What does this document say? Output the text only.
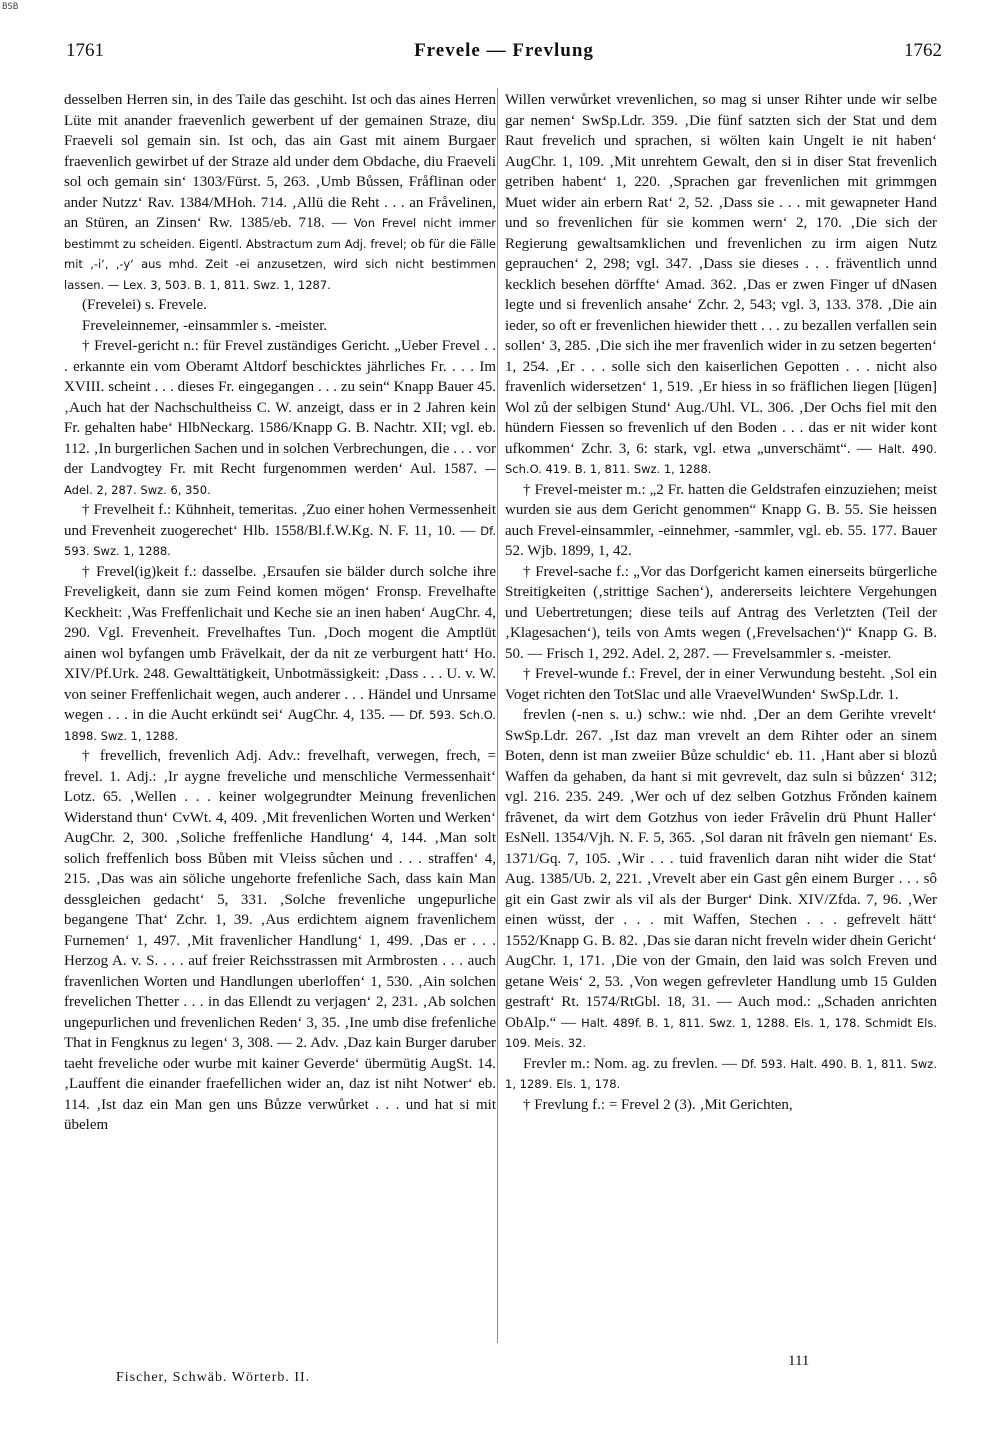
BSB
1761	Frevele — Frevlung	1762

desselben Herren sin, in des Taile das geschiht. Ist och das aines Herren Lüte mit anander fraevenlich gewerbent uf der gemainen Straze, diu Fraeveli sol gemain sin. Ist och, das ain Gast mit ainem Burgaer fraevenlich gewirbet uf der Straze ald under dem Obdache, diu Fraeveli sol och gemain sin‘ 1303/Fürst. 5, 263. ‚Umb Bůssen, Fråflinan oder ander Nutzz‘ Rav. 1384/MHoh. 714. ‚Allü die Reht . . . an Fråvelinen, an Stüren, an Zinsen‘ Rw. 1385/eb. 718. — Von Frevel nicht immer bestimmt zu scheiden. Eigentl. Abstractum zum Adj. frevel; ob für die Fälle mit ‚-i‘, ‚-y‘ aus mhd. Zeit -ei anzusetzen, wird sich nicht bestimmen lassen. — Lex. 3, 503. B. 1, 811. Swz. 1, 1287.

(Frevelei) s. Frevele.

Freveleinnemer, -einsammler s. -meister.

† Frevel-gericht n.: für Frevel zuständiges Gericht. „Ueber Frevel . . . erkannte ein vom Oberamt Altdorf beschicktes jährliches Fr. . . . Im XVIII. scheint . . . dieses Fr. eingegangen . . . zu sein“ Knapp Bauer 45. ‚Auch hat der Nachschultheiss C. W. anzeigt, dass er in 2 Jahren kein Fr. gehalten habe‘ HlbNeckarg. 1586/Knapp G. B. Nachtr. XII; vgl. eb. 112. ‚In burgerlichen Sachen und in solchen Verbrechungen, die . . . vor der Landvogtey Fr. mit Recht furgenommen werden‘ Aul. 1587. — Adel. 2, 287. Swz. 6, 350.

† Frevelheit f.: Kühnheit, temeritas. ‚Zuo einer hohen Vermessenheit und Frevenheit zuogerechet‘ Hlb. 1558/Bl.f.W.Kg. N. F. 11, 10. — Df. 593. Swz. 1, 1288.

† Frevel(ig)keit f.: dasselbe. ‚Ersaufen sie bälder durch solche ihre Freveligkeit, dann sie zum Feind komen mögen‘ Fronsp. Frevelhafte Keckheit: ‚Was Freffenlichait und Keche sie an inen haben‘ AugChr. 4, 290. Vgl. Frevenheit. Frevelhaftes Tun. ‚Doch mogent die Amptlüt ainen wol byfangen umb Frävelkait, der da nit ze verburgent hatt‘ Ho. XIV/Pf.Urk. 248. Gewalttätigkeit, Unbotmässigkeit: ‚Dass . . . U. v. W. von seiner Freffenlichait wegen, auch anderer . . . Händel und Unrsame wegen . . . in die Aucht erkündt sei‘ AugChr. 4, 135. — Df. 593. Sch.O. 1898. Swz. 1, 1288.

† frevellich, frevenlich Adj. Adv.: frevelhaft, verwegen, frech, = frevel. 1. Adj.: ‚Ir aygne freveliche und menschliche Vermessenhait‘ Lotz. 65. ‚Wellen . . . keiner wolgegrundter Meinung frevenlichen Widerstand thun‘ CvWt. 4, 409. ‚Mit frevenlichen Worten und Werken‘ AugChr. 2, 300. ‚Soliche freffenliche Handlung‘ 4, 144. ‚Man solt solich freffenlich boss Bůben mit Vleiss sůchen und . . . straffen‘ 4, 215. ‚Das was ain söliche ungehorte frefenliche Sach, dass kain Man dessgleichen gedacht‘ 5, 331. ‚Solche frevenliche ungepurliche begangene That‘ Zchr. 1, 39. ‚Aus erdichtem aignem fravenlichem Furnemen‘ 1, 497. ‚Mit fravenlicher Handlung‘ 1, 499. ‚Das er . . . Herzog A. v. S. . . . auf freier Reichsstrassen mit Armbrosten . . . auch fravenlichen Worten und Handlungen uberloffen‘ 1, 530. ‚Ain solchen frevelichen Thetter . . . in das Ellendt zu verjagen‘ 2, 231. ‚Ab solchen ungepurlichen und frevenlichen Reden‘ 3, 35. ‚Ine umb dise frefenliche That in Fengknus zu legen‘ 3, 308. — 2. Adv. ‚Daz kain Burger daruber taeht freveliche oder wurbe mit kainer Geverde‘ übermütig AugSt. 14. ‚Lauffent die einander fraefellichen wider an, daz ist niht Notwer‘ eb. 114. ‚Ist daz ein Man gen uns Bůzze verwůrket . . . und hat si mit übelem

Willen verwůrket vrevenlichen, so mag si unser Rihter unde wir selbe gar nemen‘ SwSp.Ldr. 359. ‚Die fünf satzten sich der Stat und dem Raut frevelich und sprachen, si wölten kain Ungelt ie nit haben‘ AugChr. 1, 109. ‚Mit unrehtem Gewalt, den si in diser Stat frevenlich getriben habent‘ 1, 220. ‚Sprachen gar frevenlichen mit grimmgen Muet wider ain erbern Rat‘ 2, 52. ‚Dass sie . . . mit gewapneter Hand und so frevenlichen für sie kommen wern‘ 2, 170. ‚Die sich der Regierung gewaltsamklichen und frevenlichen zu irm aigen Nutz geprauchen‘ 2, 298; vgl. 347. ‚Dass sie dieses . . . fräventlich unnd kecklich besehen dörffte‘ Amad. 362. ‚Das er zwen Finger uf dNasen legte und si frevenlich ansahe‘ Zchr. 2, 543; vgl. 3, 133. 378. ‚Die ain ieder, so oft er frevenlichen hiewider thett . . . zu bezallen verfallen sein sollen‘ 3, 285. ‚Die sich ihe mer fravenlich wider in zu setzen begerten‘ 1, 254. ‚Er . . . solle sich den kaiserlichen Gepotten . . . nicht also fravenlich widersetzen‘ 1, 519. ‚Er hiess in so fräflichen liegen [lügen] Wol zů der selbigen Stund‘ Aug./Uhl. VL. 306. ‚Der Ochs fiel mit den hündern Fiessen so frevenlich uf den Boden . . . das er nit wider kont ufkommen‘ Zchr. 3, 6: stark, vgl. etwa „unverschämt“. — Halt. 490. Sch.O. 419. B. 1, 811. Swz. 1, 1288.

† Frevel-meister m.: „2 Fr. hatten die Geldstrafen einzuziehen; meist wurden sie aus dem Gericht genommen“ Knapp G. B. 55. Sie heissen auch Frevel-einsammler, -einnehmer, -sammler, vgl. eb. 55. 177. Bauer 52. Wjb. 1899, 1, 42.

† Frevel-sache f.: „Vor das Dorfgericht kamen einerseits bürgerliche Streitigkeiten (‚strittige Sachen‘), andererseits leichtere Vergehungen und Uebertretungen; diese teils auf Antrag des Verletzten (Teil der ‚Klagesachen‘), teils von Amts wegen (‚Frevelsachen‘)“ Knapp G. B. 50. — Frisch 1, 292. Adel. 2, 287. — Frevelsammler s. -meister.

† Frevel-wunde f.: Frevel, der in einer Verwundung besteht. ‚Sol ein Voget richten den TotSlac und alle VraevelWunden‘ SwSp.Ldr. 1.

frevlen (-nen s. u.) schw.: wie nhd. ‚Der an dem Gerihte vrevelt‘ SwSp.Ldr. 267. ‚Ist daz man vrevelt an dem Rihter oder an sinem Boten, denn ist man zweiier Bůze schuldic‘ eb. 11. ‚Hant aber si blozů Waffen da gehaben, da hant si mit gevrevelt, daz suln si bůzzen‘ 312; vgl. 216. 235. 249. ‚Wer och uf dez selben Gotzhus Frǒnden kainem frȃvenet, da wirt dem Gotzhus von ieder Frȃvelin drü Phunt Haller‘ EsNell. 1354/Vjh. N. F. 5, 365. ‚Sol daran nit frȃveln gen niemant‘ Es. 1371/Gq. 7, 105. ‚Wir . . . tuid fravenlich daran niht wider die Stat‘ Aug. 1385/Ub. 2, 221. ‚Vrevelt aber ein Gast gên einem Burger . . . sô git ein Gast zwir als vil als der Burger‘ Dink. XIV/Zfda. 7, 96. ‚Wer einen wüsst, der . . . mit Waffen, Stechen . . . gefrevelt hätt‘ 1552/Knapp G. B. 82. ‚Das sie daran nicht freveln wider dhein Gericht‘ AugChr. 1, 171. ‚Die von der Gmain, den laid was solch Freven und getane Weis‘ 2, 53. ‚Von wegen gefrevleter Handlung umb 15 Gulden gestraft‘ Rt. 1574/RtGbl. 18, 31. — Auch mod.: „Schaden anrichten ObAlp.“ — Halt. 489f. B. 1, 811. Swz. 1, 1288. Els. 1, 178. Schmidt Els. 109. Meis. 32.

Frevler m.: Nom. ag. zu frevlen. — Df. 593. Halt. 490. B. 1, 811. Swz. 1, 1289. Els. 1, 178.

† Frevlung f.: = Frevel 2 (3). ‚Mit Gerichten,

Fischer, Schwäb. Wörterb. II.
111
